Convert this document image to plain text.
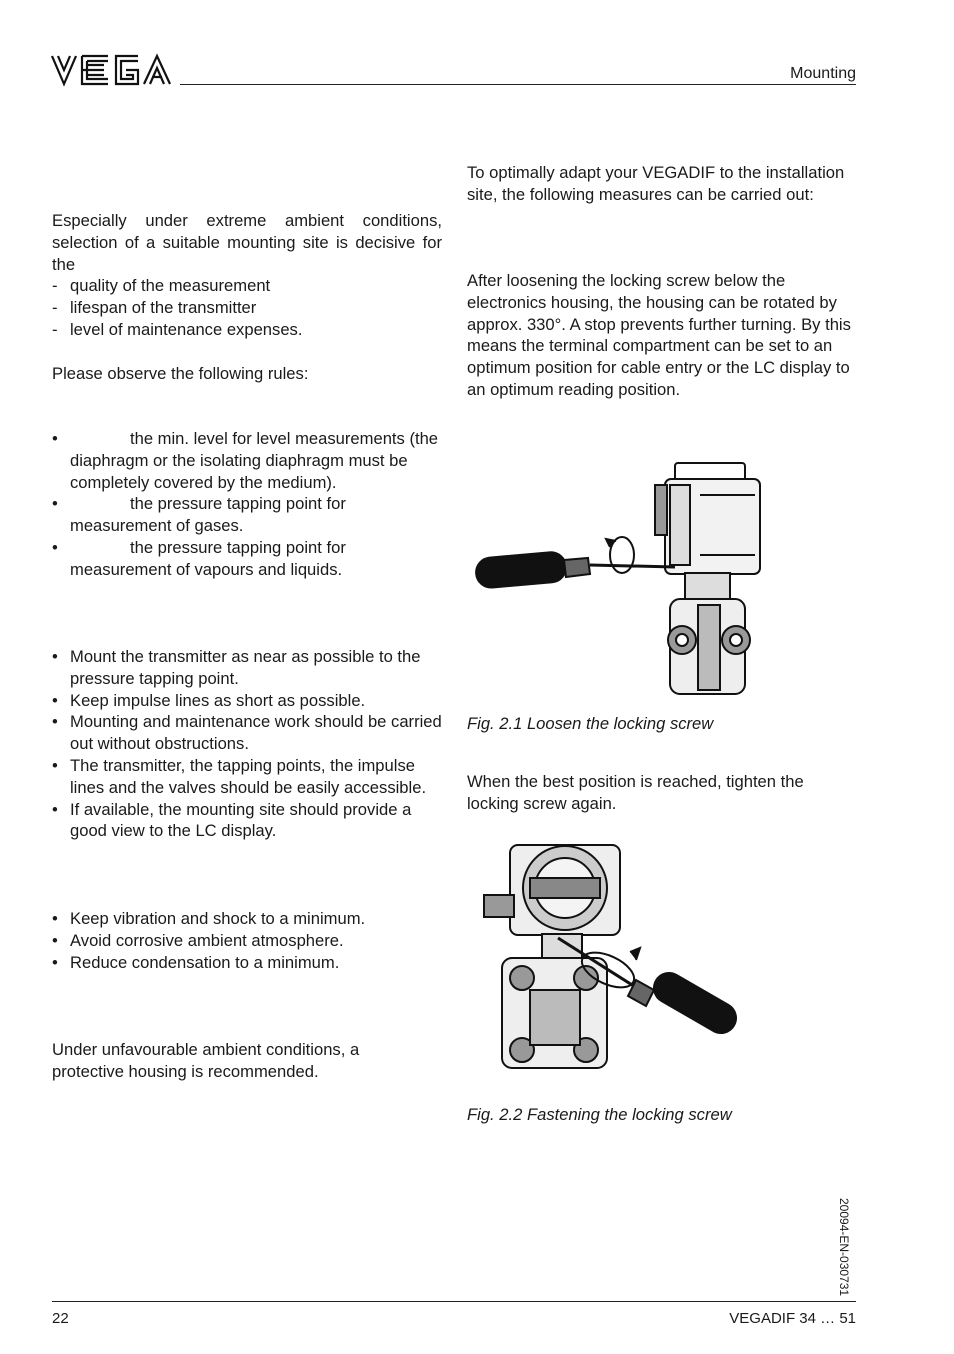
Mounting

Especially under extreme ambient conditions, selection of a suitable mounting site is decisive for the

- quality of the measurement
- lifespan of the transmitter
- level of maintenance expenses.
Please observe the following rules:
•	the min. level for level measurements (the diaphragm or the isolating diaphragm must be completely covered by the medium).
•	the pressure tapping point for measurement of gases.
•	the pressure tapping point for measurement of vapours and liquids.
• Mount the transmitter as near as possible to the pressure tapping point.
• Keep impulse lines as short as possible.
• Mounting and maintenance work should be carried out without obstructions.
• The transmitter, the tapping points, the impulse lines and the valves should be easily accessible.
• If available, the mounting site should provide a good view to the LC display.
• Keep vibration and shock to a minimum.
• Avoid corrosive ambient atmosphere.
• Reduce condensation to a minimum.

Under unfavourable ambient conditions, a protective housing is recommended.

To optimally adapt your VEGADIF to the installation site, the following measures can be carried out:

After loosening the locking screw below the electronics housing, the housing can be rotated by approx. 330°. A stop prevents further turning. By this means the terminal compartment can be set to an optimum position for cable entry or the LC display to an optimum reading position.

Fig. 2.1 Loosen the locking screw

When the best position is reached, tighten the locking screw again.

Fig. 2.2 Fastening the locking screw
20094-EN-030731
22	VEGADIF 34 … 51
